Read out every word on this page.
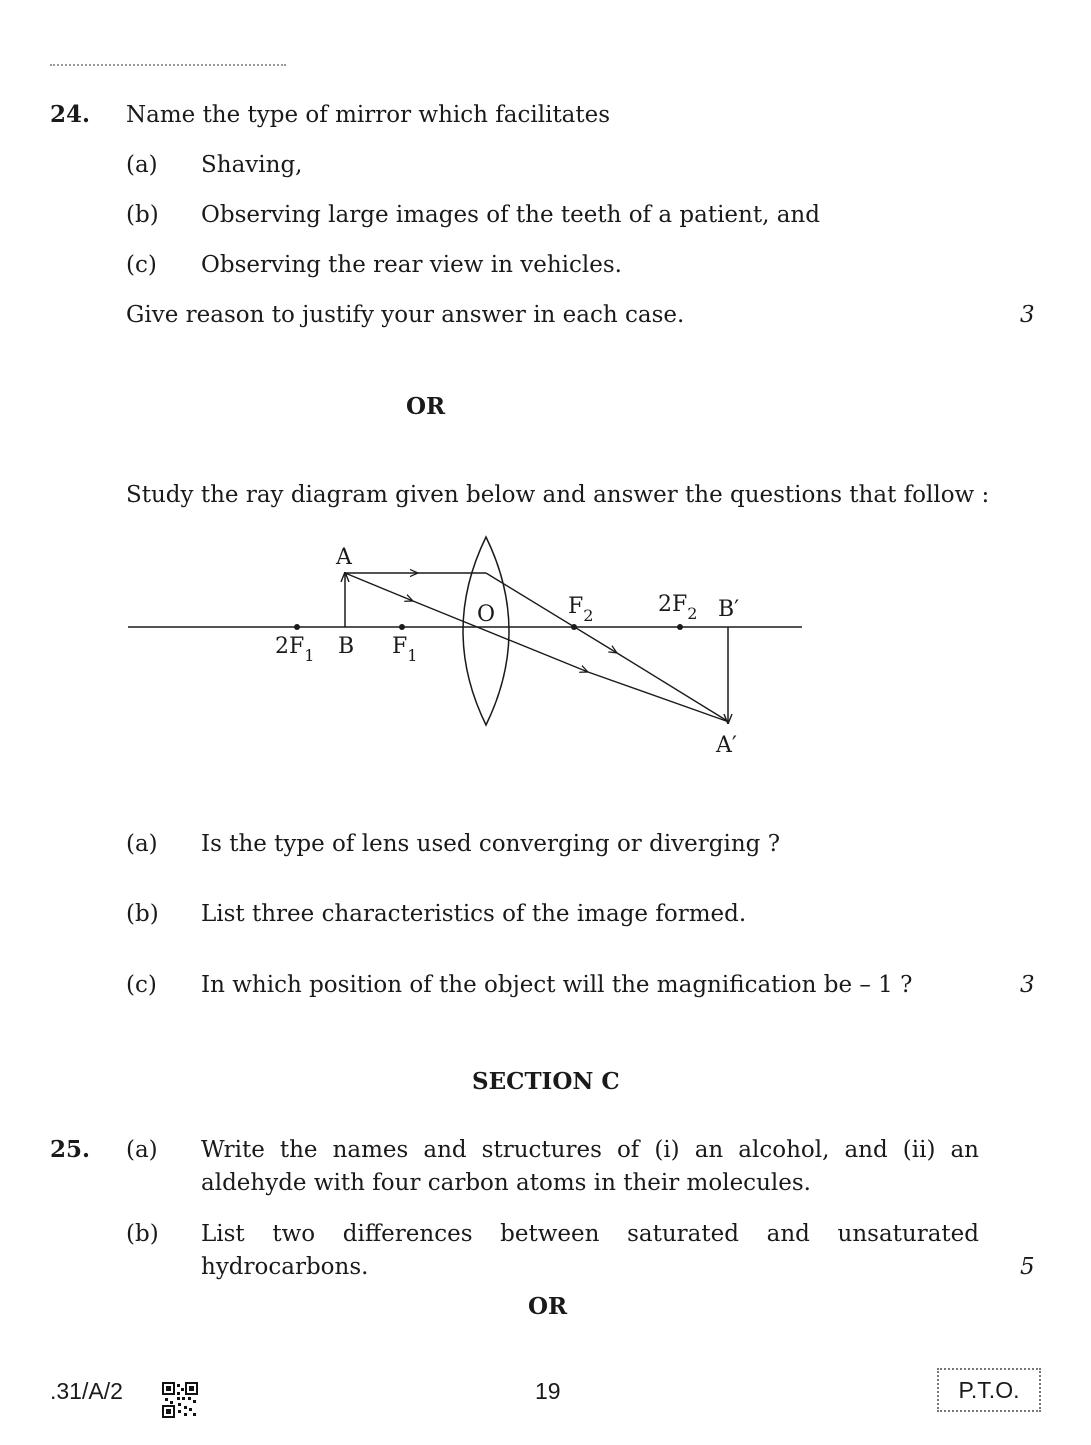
24. Name the type of mirror which facilitates
(a) Shaving,
(b) Observing large images of the teeth of a patient, and
(c) Observing the rear view in vehicles.
Give reason to justify your answer in each case.	3
OR
Study the ray diagram given below and answer the questions that follow :
A
B
O
$2F_1$	$F_1$
$F_2$	$2F_2$ B′
A′
(a) Is the type of lens used converging or diverging ?
(b) List three characteristics of the image formed.
(c) In which position of the object will the magnification be – 1 ?	3
SECTION C
25. (a) Write the names and structures of (i) an alcohol, and (ii) an
aldehyde with four carbon atoms in their molecules.
(b) List two differences between saturated and unsaturated
hydrocarbons.	5
OR
.31/A/2	19	P.T.O.
